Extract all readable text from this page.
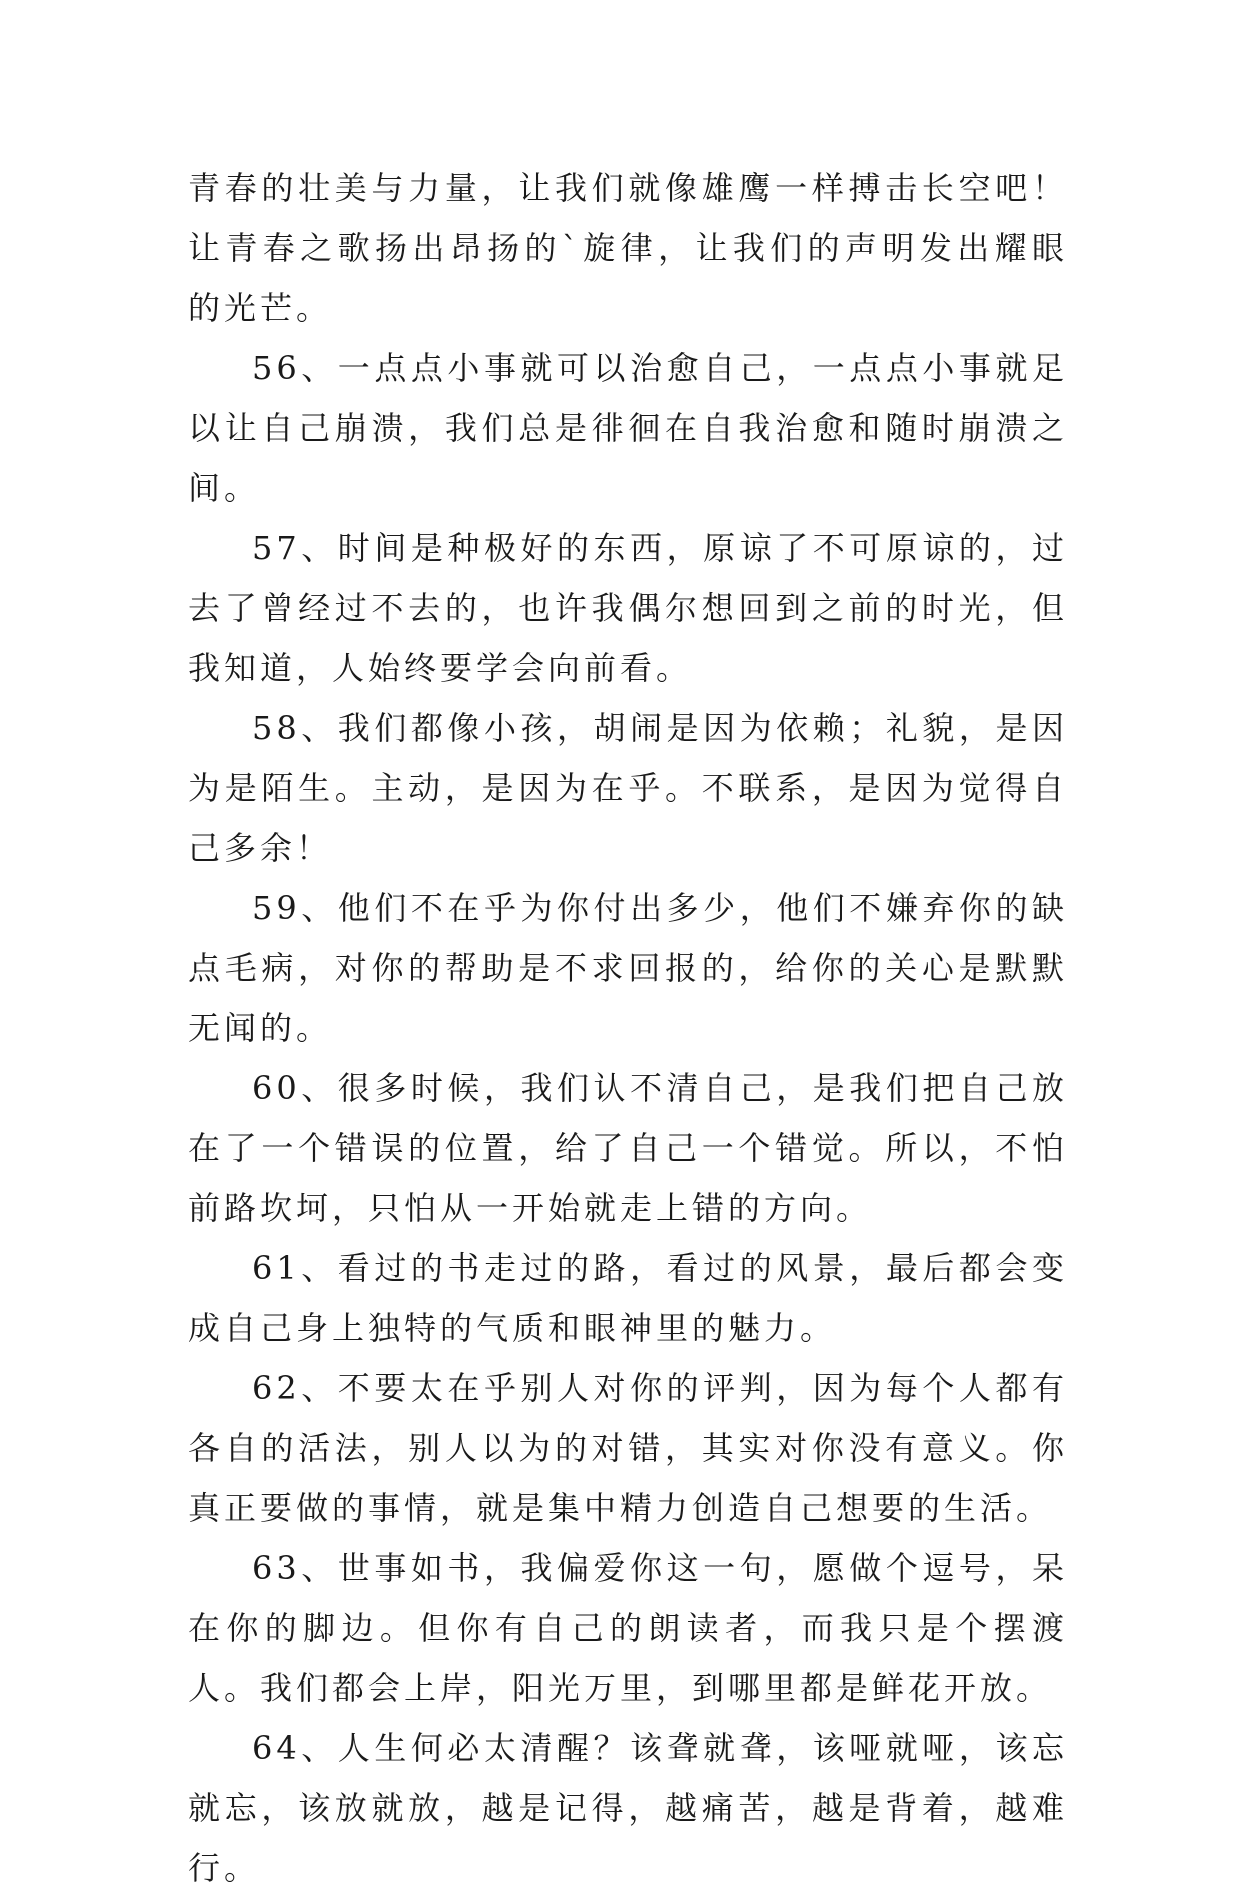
青春的壮美与力量，让我们就像雄鹰一样搏击长空吧！让青春之歌扬出昂扬的`旋律，让我们的声明发出耀眼的光芒。

56、一点点小事就可以治愈自己，一点点小事就足以让自己崩溃，我们总是徘徊在自我治愈和随时崩溃之间。

57、时间是种极好的东西，原谅了不可原谅的，过去了曾经过不去的，也许我偶尔想回到之前的时光，但我知道，人始终要学会向前看。

58、我们都像小孩，胡闹是因为依赖；礼貌，是因为是陌生。主动，是因为在乎。不联系，是因为觉得自己多余！

59、他们不在乎为你付出多少，他们不嫌弃你的缺点毛病，对你的帮助是不求回报的，给你的关心是默默无闻的。

60、很多时候，我们认不清自己，是我们把自己放在了一个错误的位置，给了自己一个错觉。所以，不怕前路坎坷，只怕从一开始就走上错的方向。

61、看过的书走过的路，看过的风景，最后都会变成自己身上独特的气质和眼神里的魅力。

62、不要太在乎别人对你的评判，因为每个人都有各自的活法，别人以为的对错，其实对你没有意义。你真正要做的事情，就是集中精力创造自己想要的生活。

63、世事如书，我偏爱你这一句，愿做个逗号，呆在你的脚边。但你有自己的朗读者，而我只是个摆渡人。我们都会上岸，阳光万里，到哪里都是鲜花开放。

64、人生何必太清醒？该聋就聋，该哑就哑，该忘就忘，该放就放，越是记得，越痛苦，越是背着，越难行。
